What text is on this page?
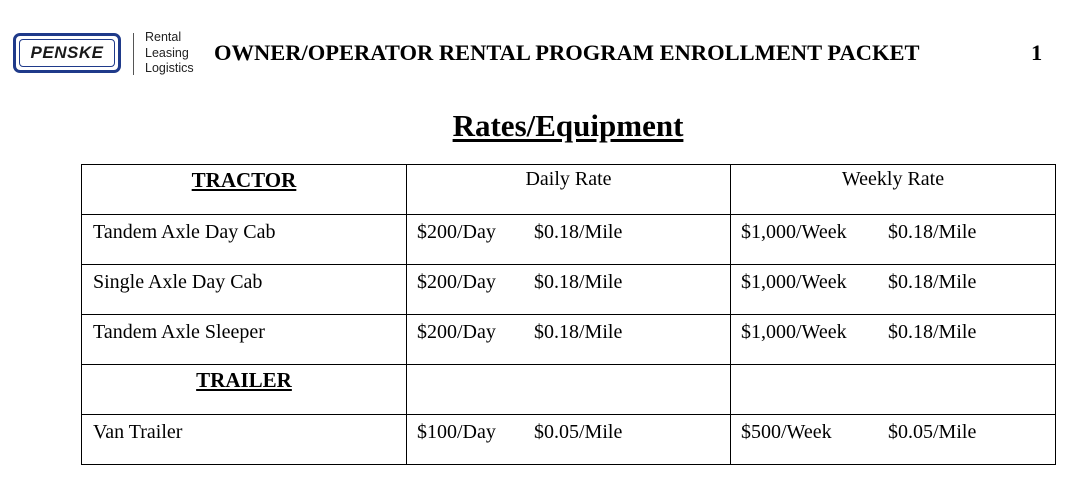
PENSKE
Rental
Leasing
Logistics
OWNER/OPERATOR RENTAL PROGRAM ENROLLMENT PACKET	1
Rates/Equipment
TRACTOR	Daily Rate	Weekly Rate
Tandem Axle Day Cab	$200/Day $0.18/Mile	$1,000/Week $0.18/Mile
Single Axle Day Cab	$200/Day $0.18/Mile	$1,000/Week $0.18/Mile
Tandem Axle Sleeper	$200/Day $0.18/Mile	$1,000/Week $0.18/Mile
TRAILER		
Van Trailer	$100/Day $0.05/Mile	$500/Week $0.05/Mile
